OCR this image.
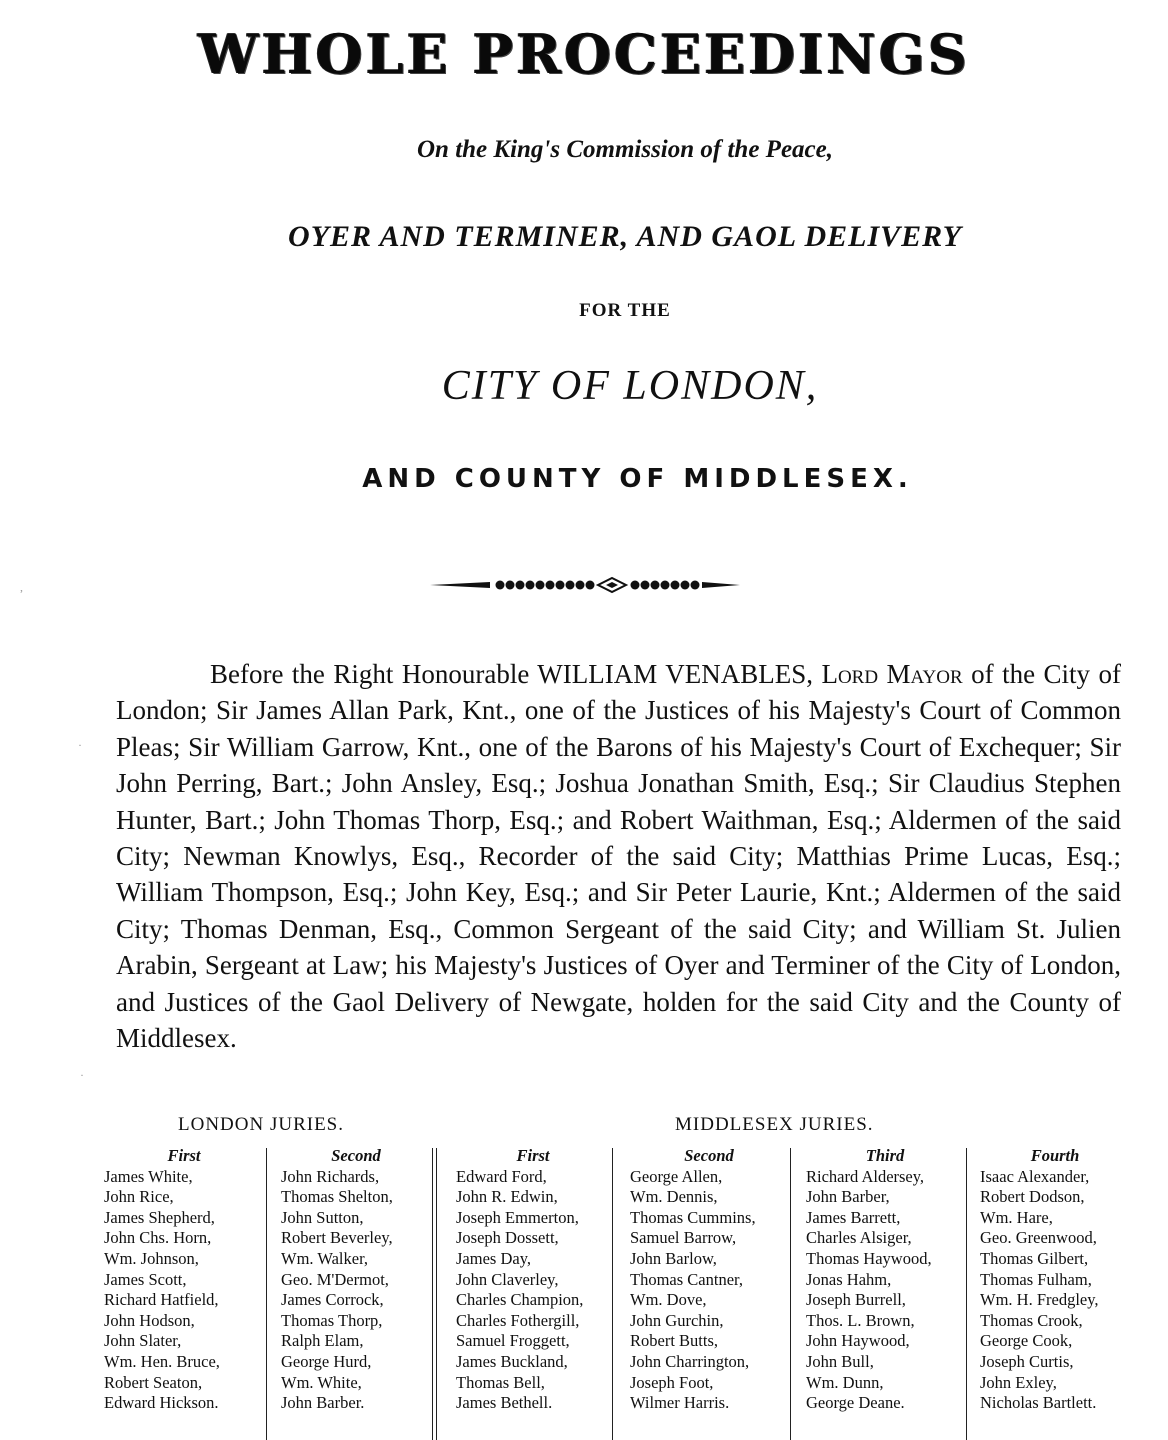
WHOLE PROCEEDINGS
On the King's Commission of the Peace,
OYER AND TERMINER, AND GAOL DELIVERY
FOR THE
CITY OF LONDON,
AND COUNTY OF MIDDLESEX.
Before the Right Honourable WILLIAM VENABLES, Lord Mayor of the City of London; Sir James Allan Park, Knt., one of the Justices of his Majesty's Court of Common Pleas; Sir William Garrow, Knt., one of the Barons of his Majesty's Court of Exchequer; Sir John Perring, Bart.; John Ansley, Esq.; Joshua Jonathan Smith, Esq.; Sir Claudius Stephen Hunter, Bart.; John Thomas Thorp, Esq.; and Robert Waithman, Esq.; Aldermen of the said City; Newman Knowlys, Esq., Recorder of the said City; Matthias Prime Lucas, Esq.; William Thompson, Esq.; John Key, Esq.; and Sir Peter Laurie, Knt.; Aldermen of the said City; Thomas Denman, Esq., Common Sergeant of the said City; and William St. Julien Arabin, Sergeant at Law; his Majesty's Justices of Oyer and Terminer of the City of London, and Justices of the Gaol Delivery of Newgate, holden for the said City and the County of Middlesex.
LONDON JURIES.	MIDDLESEX JURIES.
First
James White,
John Rice,
James Shepherd,
John Chs. Horn,
Wm. Johnson,
James Scott,
Richard Hatfield,
John Hodson,
John Slater,
Wm. Hen. Bruce,
Robert Seaton,
Edward Hickson.
Second
John Richards,
Thomas Shelton,
John Sutton,
Robert Beverley,
Wm. Walker,
Geo. M'Dermot,
James Corrock,
Thomas Thorp,
Ralph Elam,
George Hurd,
Wm. White,
John Barber.
First
Edward Ford,
John R. Edwin,
Joseph Emmerton,
Joseph Dossett,
James Day,
John Claverley,
Charles Champion,
Charles Fothergill,
Samuel Froggett,
James Buckland,
Thomas Bell,
James Bethell.
Second
George Allen,
Wm. Dennis,
Thomas Cummins,
Samuel Barrow,
John Barlow,
Thomas Cantner,
Wm. Dove,
John Gurchin,
Robert Butts,
John Charrington,
Joseph Foot,
Wilmer Harris.
Third
Richard Aldersey,
John Barber,
James Barrett,
Charles Alsiger,
Thomas Haywood,
Jonas Hahm,
Joseph Burrell,
Thos. L. Brown,
John Haywood,
John Bull,
Wm. Dunn,
George Deane.
Fourth
Isaac Alexander,
Robert Dodson,
Wm. Hare,
Geo. Greenwood,
Thomas Gilbert,
Thomas Fulham,
Wm. H. Fredgley,
Thomas Crook,
George Cook,
Joseph Curtis,
John Exley,
Nicholas Bartlett.
,
·
·
